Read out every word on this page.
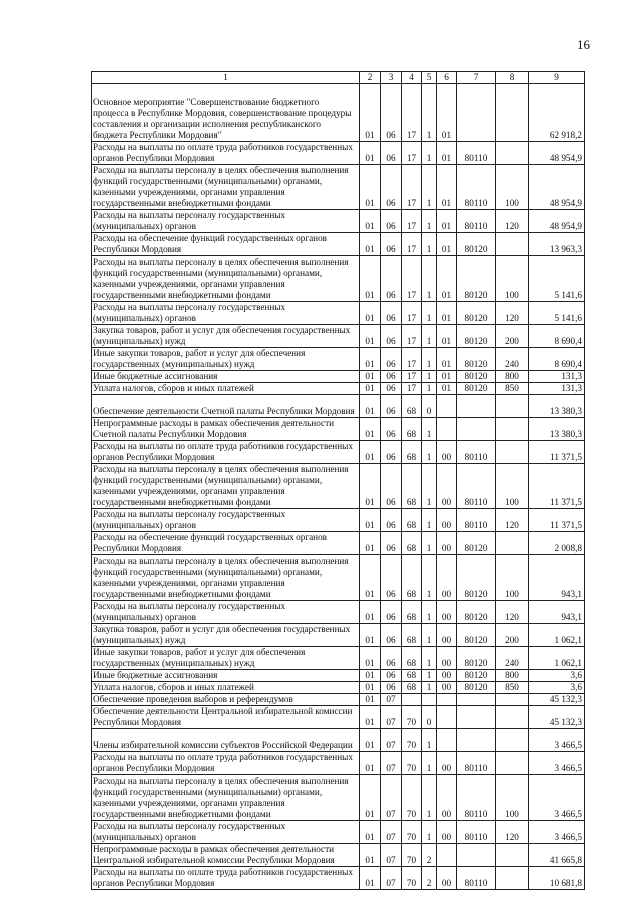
16
1	2	3	4	5	6	7	8	9
Основное мероприятие "Совершенствование бюджетного процесса в Республике Мордовия, совершенствование процедуры составления и организации исполнения республиканского бюджета Республики Мордовия"	01	06	17	1	01			62 918,2
Расходы на выплаты по оплате труда работников государственных органов Республики Мордовия	01	06	17	1	01	80110		48 954,9
Расходы на выплаты персоналу в целях обеспечения выполнения функций государственными (муниципальными) органами, казенными учреждениями, органами управления государственными внебюджетными фондами	01	06	17	1	01	80110	100	48 954,9
Расходы на выплаты персоналу государственных (муниципальных) органов	01	06	17	1	01	80110	120	48 954,9
Расходы на обеспечение функций государственных органов Республики Мордовия	01	06	17	1	01	80120		13 963,3
Расходы на выплаты персоналу в целях обеспечения выполнения функций государственными (муниципальными) органами, казенными учреждениями, органами управления государственными внебюджетными фондами	01	06	17	1	01	80120	100	5 141,6
Расходы на выплаты персоналу государственных (муниципальных) органов	01	06	17	1	01	80120	120	5 141,6
Закупка товаров, работ и услуг для обеспечения государственных (муниципальных) нужд	01	06	17	1	01	80120	200	8 690,4
Иные закупки товаров, работ и услуг для обеспечения государственных (муниципальных) нужд	01	06	17	1	01	80120	240	8 690,4
Иные бюджетные ассигнования	01	06	17	1	01	80120	800	131,3
Уплата налогов, сборов и иных платежей	01	06	17	1	01	80120	850	131,3
Обеспечение деятельности Счетной палаты Республики Мордовия	01	06	68	0				13 380,3
Непрограммные расходы в рамках обеспечения деятельности Счетной палаты Республики Мордовия	01	06	68	1				13 380,3
Расходы на выплаты по оплате труда работников государственных органов Республики Мордовия	01	06	68	1	00	80110		11 371,5
Расходы на выплаты персоналу в целях обеспечения выполнения функций государственными (муниципальными) органами, казенными учреждениями, органами управления государственными внебюджетными фондами	01	06	68	1	00	80110	100	11 371,5
Расходы на выплаты персоналу государственных (муниципальных) органов	01	06	68	1	00	80110	120	11 371,5
Расходы на обеспечение функций государственных органов Республики Мордовия	01	06	68	1	00	80120		2 008,8
Расходы на выплаты персоналу в целях обеспечения выполнения функций государственными (муниципальными) органами, казенными учреждениями, органами управления государственными внебюджетными фондами	01	06	68	1	00	80120	100	943,1
Расходы на выплаты персоналу государственных (муниципальных) органов	01	06	68	1	00	80120	120	943,1
Закупка товаров, работ и услуг для обеспечения государственных (муниципальных) нужд	01	06	68	1	00	80120	200	1 062,1
Иные закупки товаров, работ и услуг для обеспечения государственных (муниципальных) нужд	01	06	68	1	00	80120	240	1 062,1
Иные бюджетные ассигнования	01	06	68	1	00	80120	800	3,6
Уплата налогов, сборов и иных платежей	01	06	68	1	00	80120	850	3,6
Обеспечение проведения выборов и референдумов	01	07						45 132,3
Обеспечение деятельности Центральной избирательной комиссии Республики Мордовия	01	07	70	0				45 132,3
Члены избирательной комиссии субъектов Российской Федерации	01	07	70	1				3 466,5
Расходы на выплаты по оплате труда работников государственных органов Республики Мордовия	01	07	70	1	00	80110		3 466,5
Расходы на выплаты персоналу в целях обеспечения выполнения функций государственными (муниципальными) органами, казенными учреждениями, органами управления государственными внебюджетными фондами	01	07	70	1	00	80110	100	3 466,5
Расходы на выплаты персоналу государственных (муниципальных) органов	01	07	70	1	00	80110	120	3 466,5
Непрограммные расходы в рамках обеспечения деятельности Центральной избирательной комиссии Республики Мордовия	01	07	70	2				41 665,8
Расходы на выплаты по оплате труда работников государственных органов Республики Мордовия	01	07	70	2	00	80110		10 681,8
